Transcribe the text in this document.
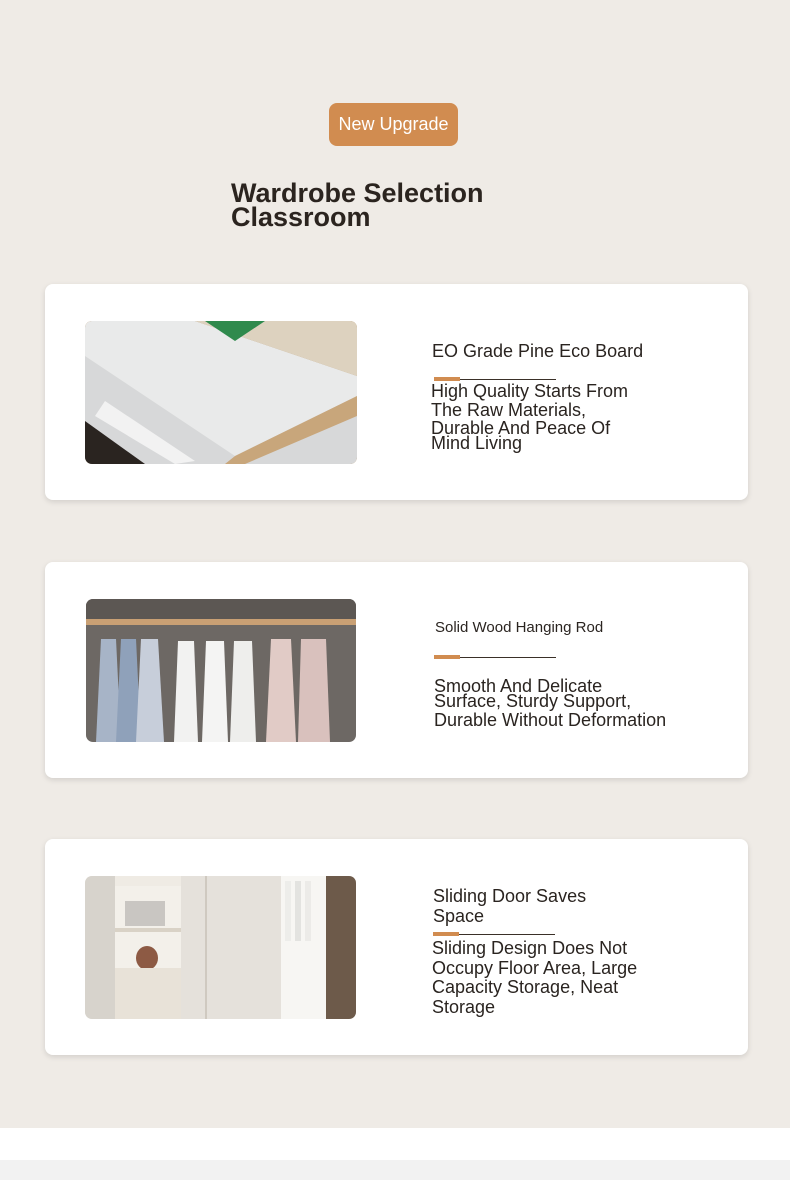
New Upgrade
Wardrobe Selection
Classroom
EO Grade Pine Eco Board
High Quality Starts From
The Raw Materials,
Durable And Peace Of
Mind Living
Solid Wood Hanging Rod
Smooth And Delicate
Surface, Sturdy Support,
Durable Without Deformation
Sliding Door Saves
Space
Sliding Design Does Not
Occupy Floor Area, Large
Capacity Storage, Neat
Storage
